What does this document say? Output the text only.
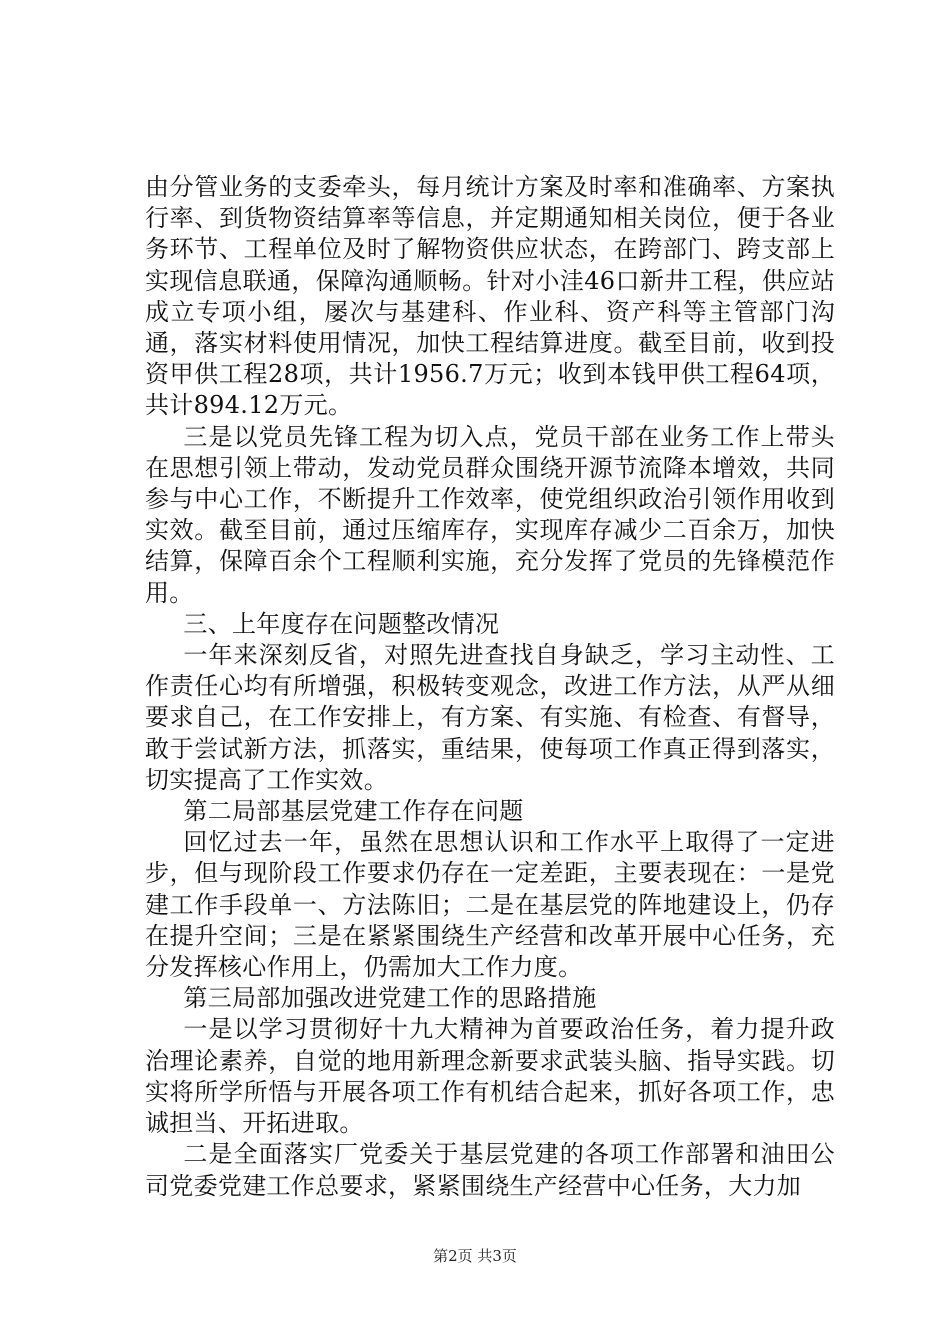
由分管业务的支委牵头，每月统计方案及时率和准确率、方案执行率、到货物资结算率等信息，并定期通知相关岗位，便于各业务环节、工程单位及时了解物资供应状态，在跨部门、跨支部上实现信息联通，保障沟通顺畅。针对小洼46口新井工程，供应站成立专项小组，屡次与基建科、作业科、资产科等主管部门沟通，落实材料使用情况，加快工程结算进度。截至目前，收到投资甲供工程28项，共计1956.7万元；收到本钱甲供工程64项，共计894.12万元。

三是以党员先锋工程为切入点，党员干部在业务工作上带头在思想引领上带动，发动党员群众围绕开源节流降本增效，共同参与中心工作，不断提升工作效率，使党组织政治引领作用收到实效。截至目前，通过压缩库存，实现库存减少二百余万，加快结算，保障百余个工程顺利实施，充分发挥了党员的先锋模范作用。

三、上年度存在问题整改情况

一年来深刻反省，对照先进查找自身缺乏，学习主动性、工作责任心均有所增强，积极转变观念，改进工作方法，从严从细要求自己，在工作安排上，有方案、有实施、有检查、有督导，敢于尝试新方法，抓落实，重结果，使每项工作真正得到落实，切实提高了工作实效。

第二局部基层党建工作存在问题

回忆过去一年，虽然在思想认识和工作水平上取得了一定进步，但与现阶段工作要求仍存在一定差距，主要表现在：一是党建工作手段单一、方法陈旧；二是在基层党的阵地建设上，仍存在提升空间；三是在紧紧围绕生产经营和改革开展中心任务，充分发挥核心作用上，仍需加大工作力度。

第三局部加强改进党建工作的思路措施

一是以学习贯彻好十九大精神为首要政治任务，着力提升政治理论素养，自觉的地用新理念新要求武装头脑、指导实践。切实将所学所悟与开展各项工作有机结合起来，抓好各项工作，忠诚担当、开拓进取。

二是全面落实厂党委关于基层党建的各项工作部署和油田公司党委党建工作总要求，紧紧围绕生产经营中心任务，大力加

第2页 共3页
